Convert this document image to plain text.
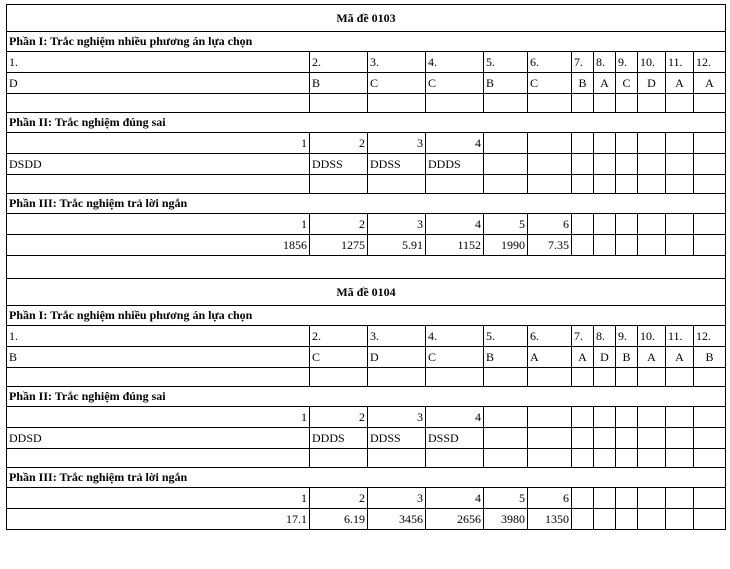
Mã đề 0103											
Phần I: Trắc nghiệm nhiều phương án lựa chọn											
1.	2.	3.	4.	5.	6.	7.	8.	9.	10.	11.	12.
D	B	C	C	B	C	B	A	C	D	A	A

Phần II: Trắc nghiệm đúng sai											
1	2	3	4								
DSDD	DDSS	DDSS	DDDS								

Phần III: Trắc nghiệm trả lời ngắn											
1	2	3	4	5	6						
1856	1275	5.91	1152	1990	7.35						

Mã đề 0104											
Phần I: Trắc nghiệm nhiều phương án lựa chọn											
1.	2.	3.	4.	5.	6.	7.	8.	9.	10.	11.	12.
B	C	D	C	B	A	A	D	B	A	A	B

Phần II: Trắc nghiệm đúng sai											
1	2	3	4								
DDSD	DDDS	DDSS	DSSD								

Phần III: Trắc nghiệm trả lời ngắn											
1	2	3	4	5	6						
17.1	6.19	3456	2656	3980	1350						
